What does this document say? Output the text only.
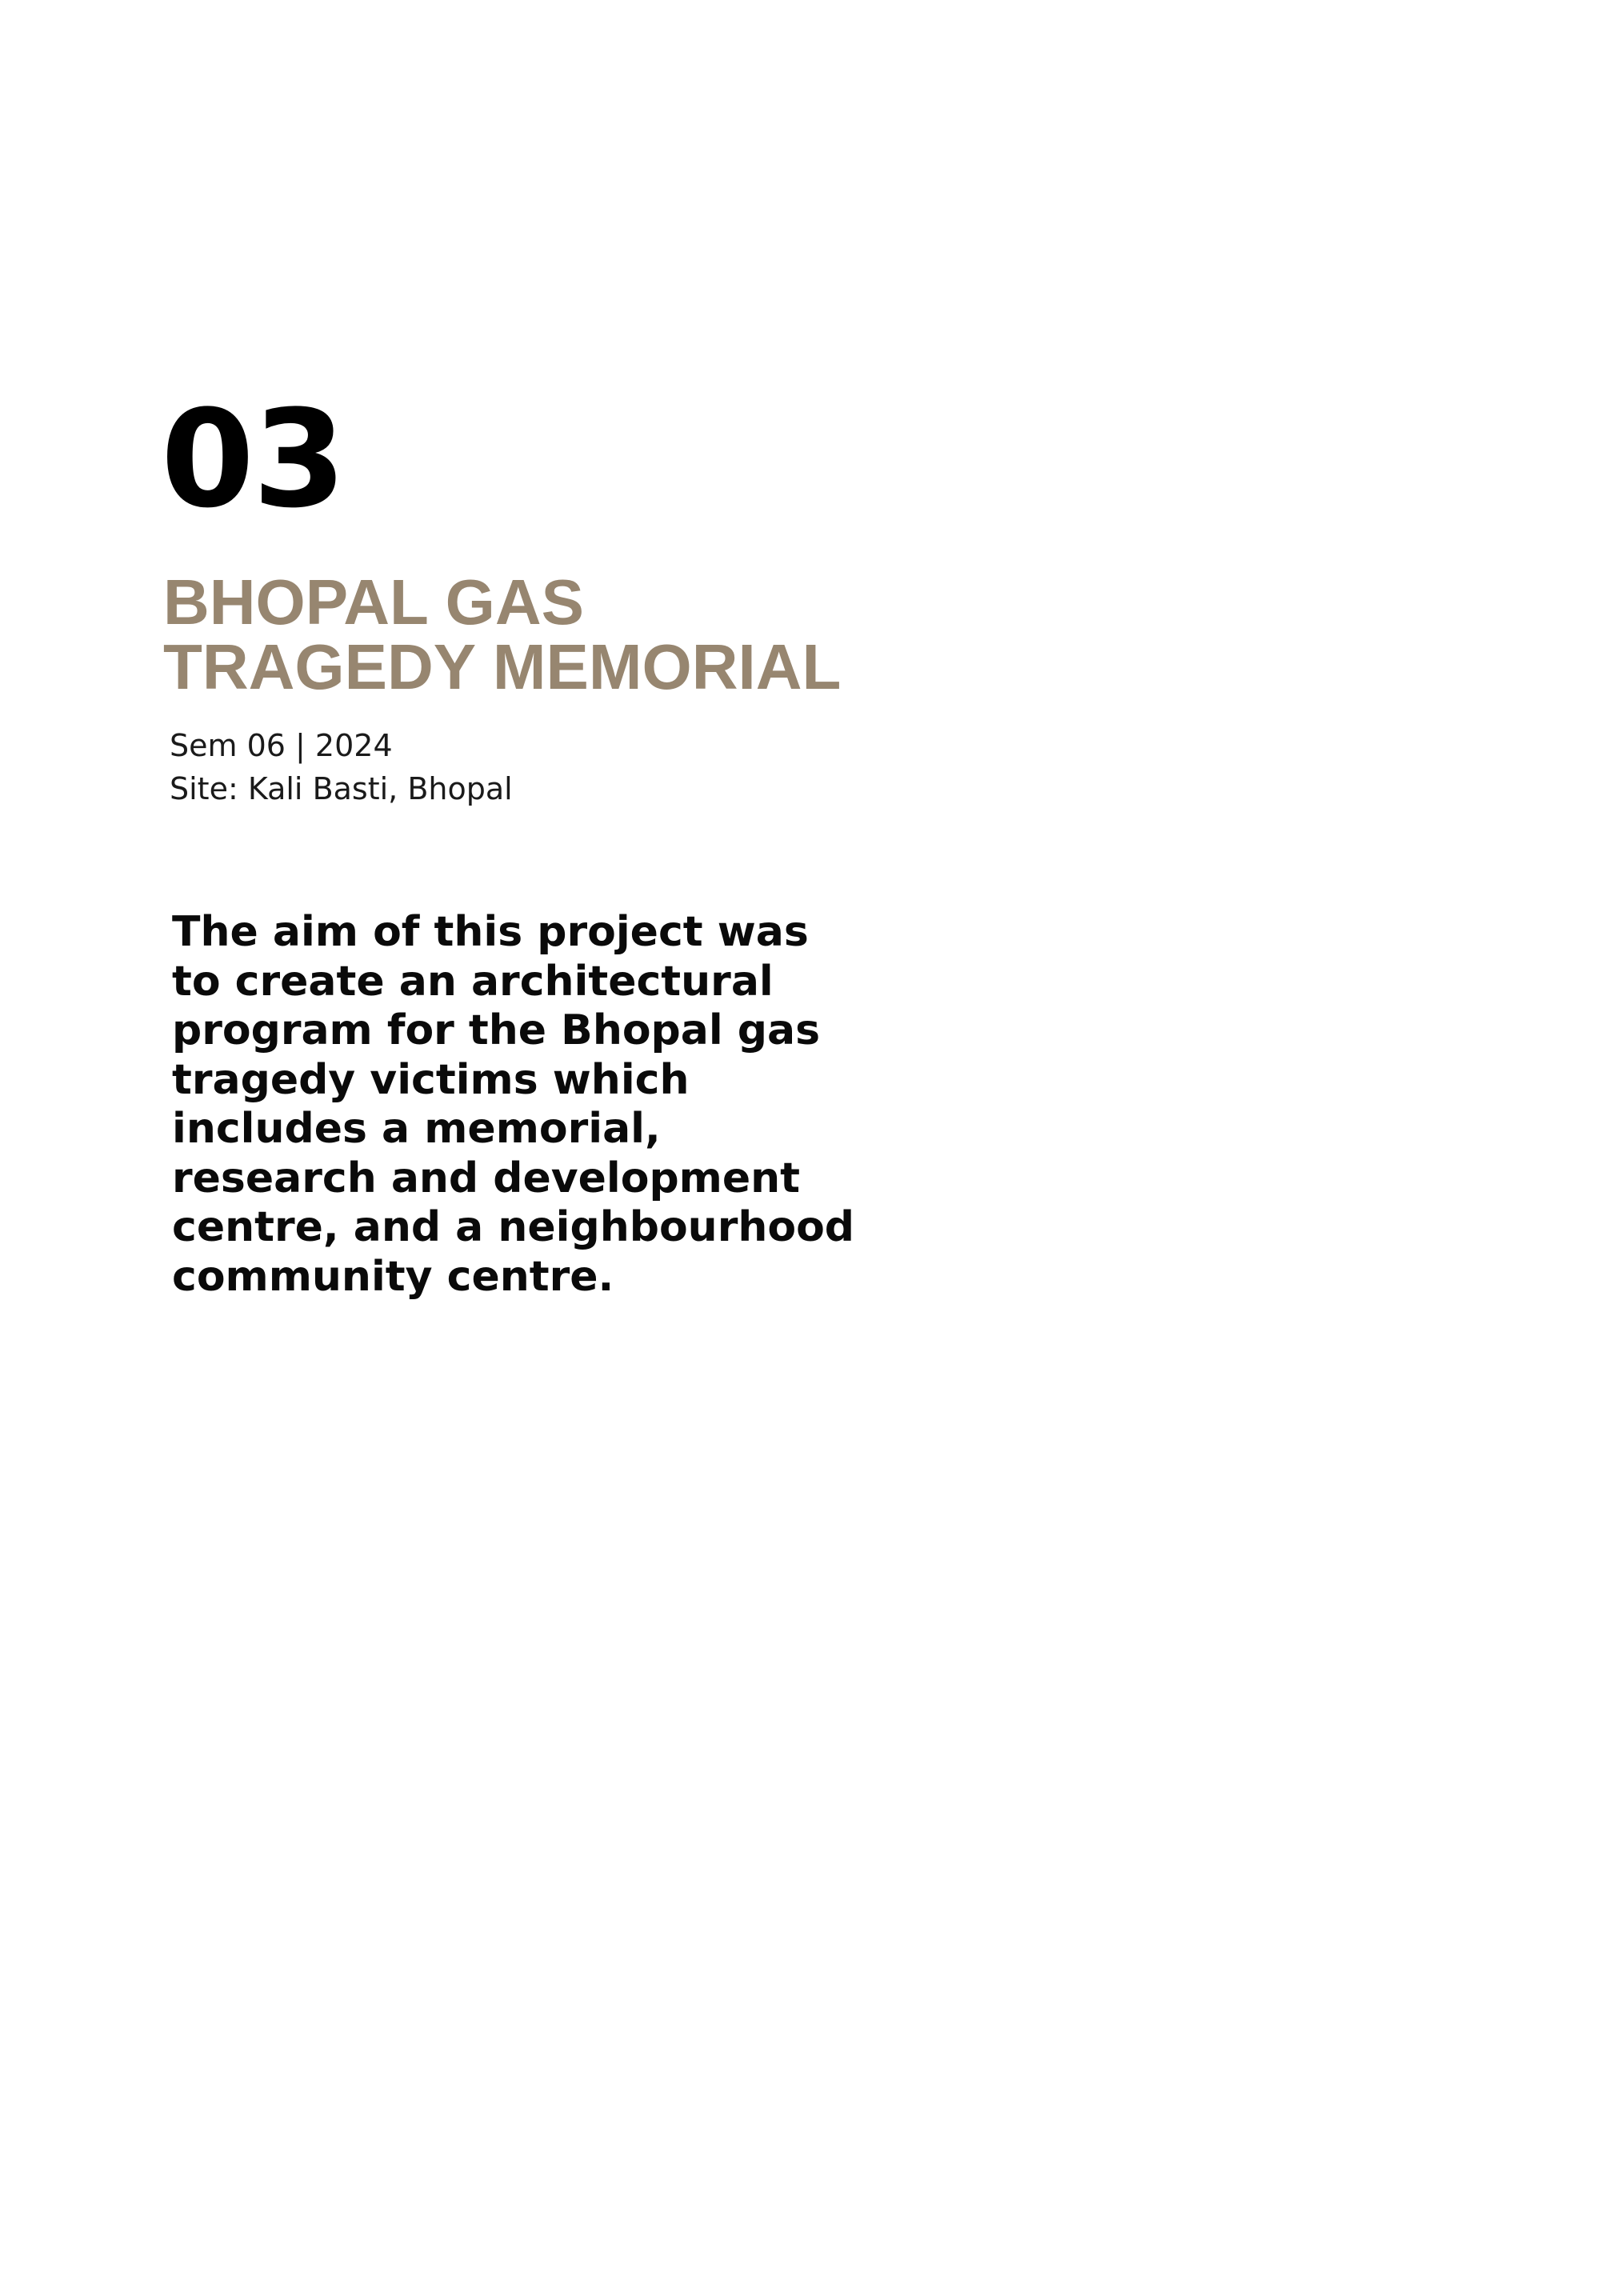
03
BHOPAL GAS
TRAGEDY MEMORIAL
Sem 06 | 2024
Site: Kali Basti, Bhopal

The aim of this project was
to create an architectural
program for the Bhopal gas
tragedy victims which
includes a memorial,
research and development
centre, and a neighbourhood
community centre.
